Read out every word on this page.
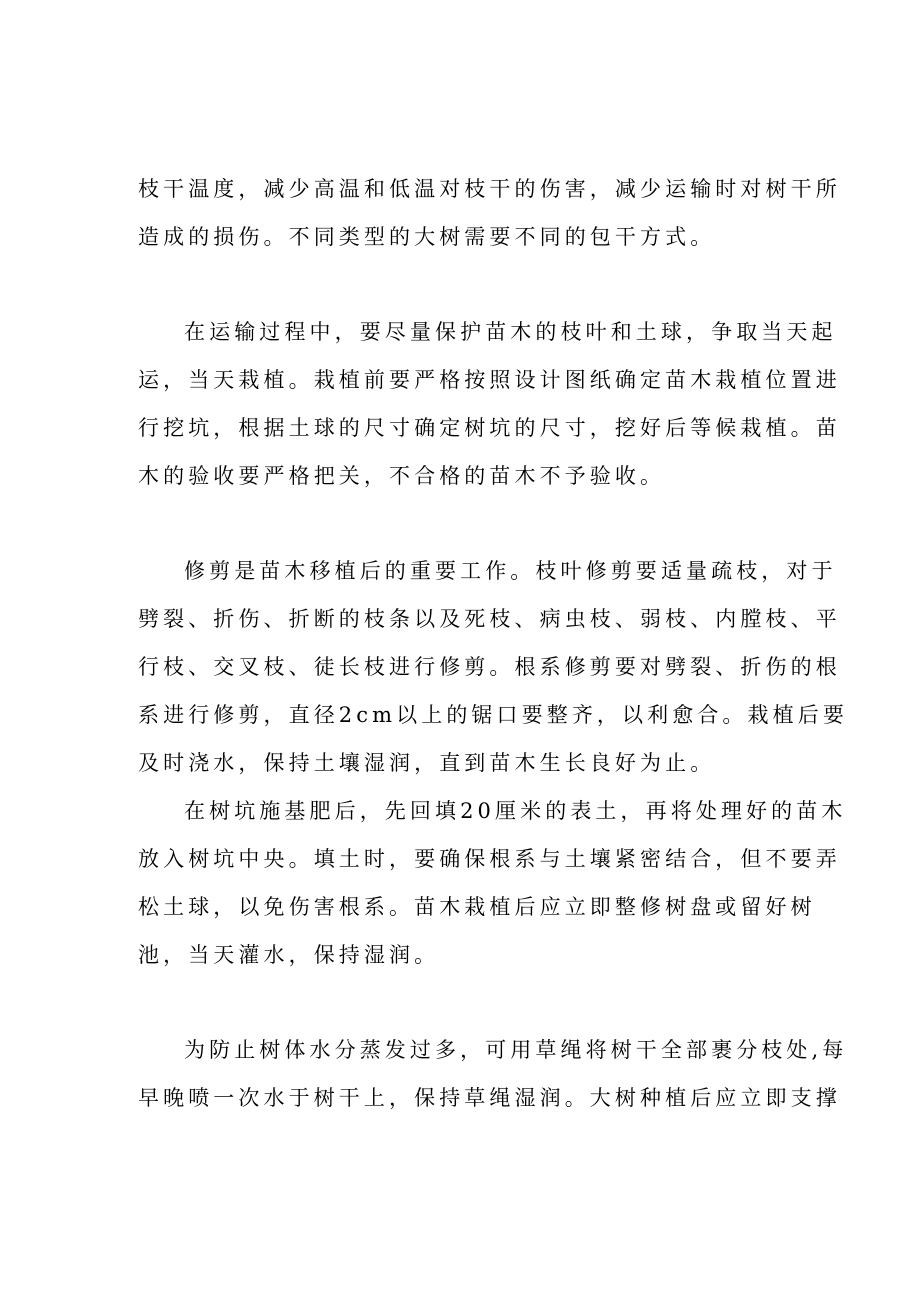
枝干温度，减少高温和低温对枝干的伤害，减少运输时对树干所

造成的损伤。不同类型的大树需要不同的包干方式。

在运输过程中，要尽量保护苗木的枝叶和土球，争取当天起

运，当天栽植。栽植前要严格按照设计图纸确定苗木栽植位置进

行挖坑，根据土球的尺寸确定树坑的尺寸，挖好后等候栽植。苗

木的验收要严格把关，不合格的苗木不予验收。

修剪是苗木移植后的重要工作。枝叶修剪要适量疏枝，对于

劈裂、折伤、折断的枝条以及死枝、病虫枝、弱枝、内膛枝、平

行枝、交叉枝、徒长枝进行修剪。根系修剪要对劈裂、折伤的根

系进行修剪，直径2cm以上的锯口要整齐，以利愈合。栽植后要

及时浇水，保持土壤湿润，直到苗木生长良好为止。

在树坑施基肥后，先回填20厘米的表土，再将处理好的苗木

放入树坑中央。填土时，要确保根系与土壤紧密结合，但不要弄

松土球，以免伤害根系。苗木栽植后应立即整修树盘或留好树

池，当天灌水，保持湿润。

为防止树体水分蒸发过多，可用草绳将树干全部裹分枝处,每

早晚喷一次水于树干上，保持草绳湿润。大树种植后应立即支撑
